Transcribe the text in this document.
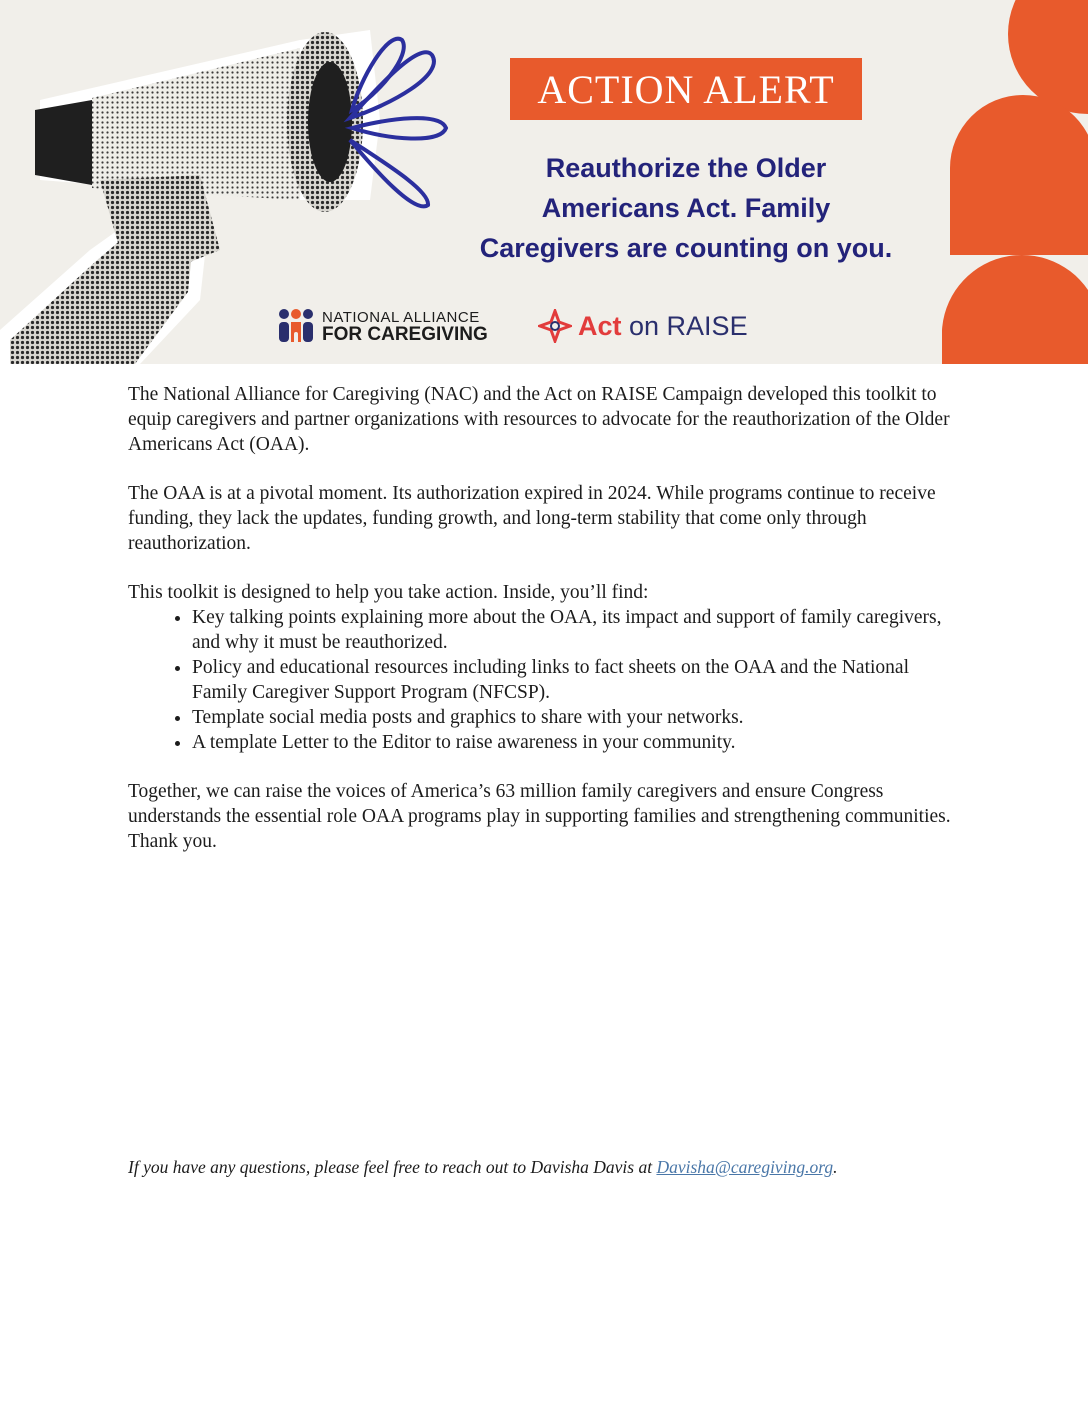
ACTION ALERT
Reauthorize the Older
Americans Act. Family
Caregivers are counting on you.
NATIONAL ALLIANCE
FOR CAREGIVING	Act on RAISE

The National Alliance for Caregiving (NAC) and the Act on RAISE Campaign developed this toolkit to equip caregivers and partner organizations with resources to advocate for the reauthorization of the Older Americans Act (OAA).

The OAA is at a pivotal moment. Its authorization expired in 2024. While programs continue to receive funding, they lack the updates, funding growth, and long-term stability that come only through reauthorization.

This toolkit is designed to help you take action. Inside, you’ll find:

• Key talking points explaining more about the OAA, its impact and support of family caregivers, and why it must be reauthorized.
• Policy and educational resources including links to fact sheets on the OAA and the National Family Caregiver Support Program (NFCSP).
• Template social media posts and graphics to share with your networks.
• A template Letter to the Editor to raise awareness in your community.

Together, we can raise the voices of America’s 63 million family caregivers and ensure Congress understands the essential role OAA programs play in supporting families and strengthening communities. Thank you.

If you have any questions, please feel free to reach out to Davisha Davis at Davisha@caregiving.org.
